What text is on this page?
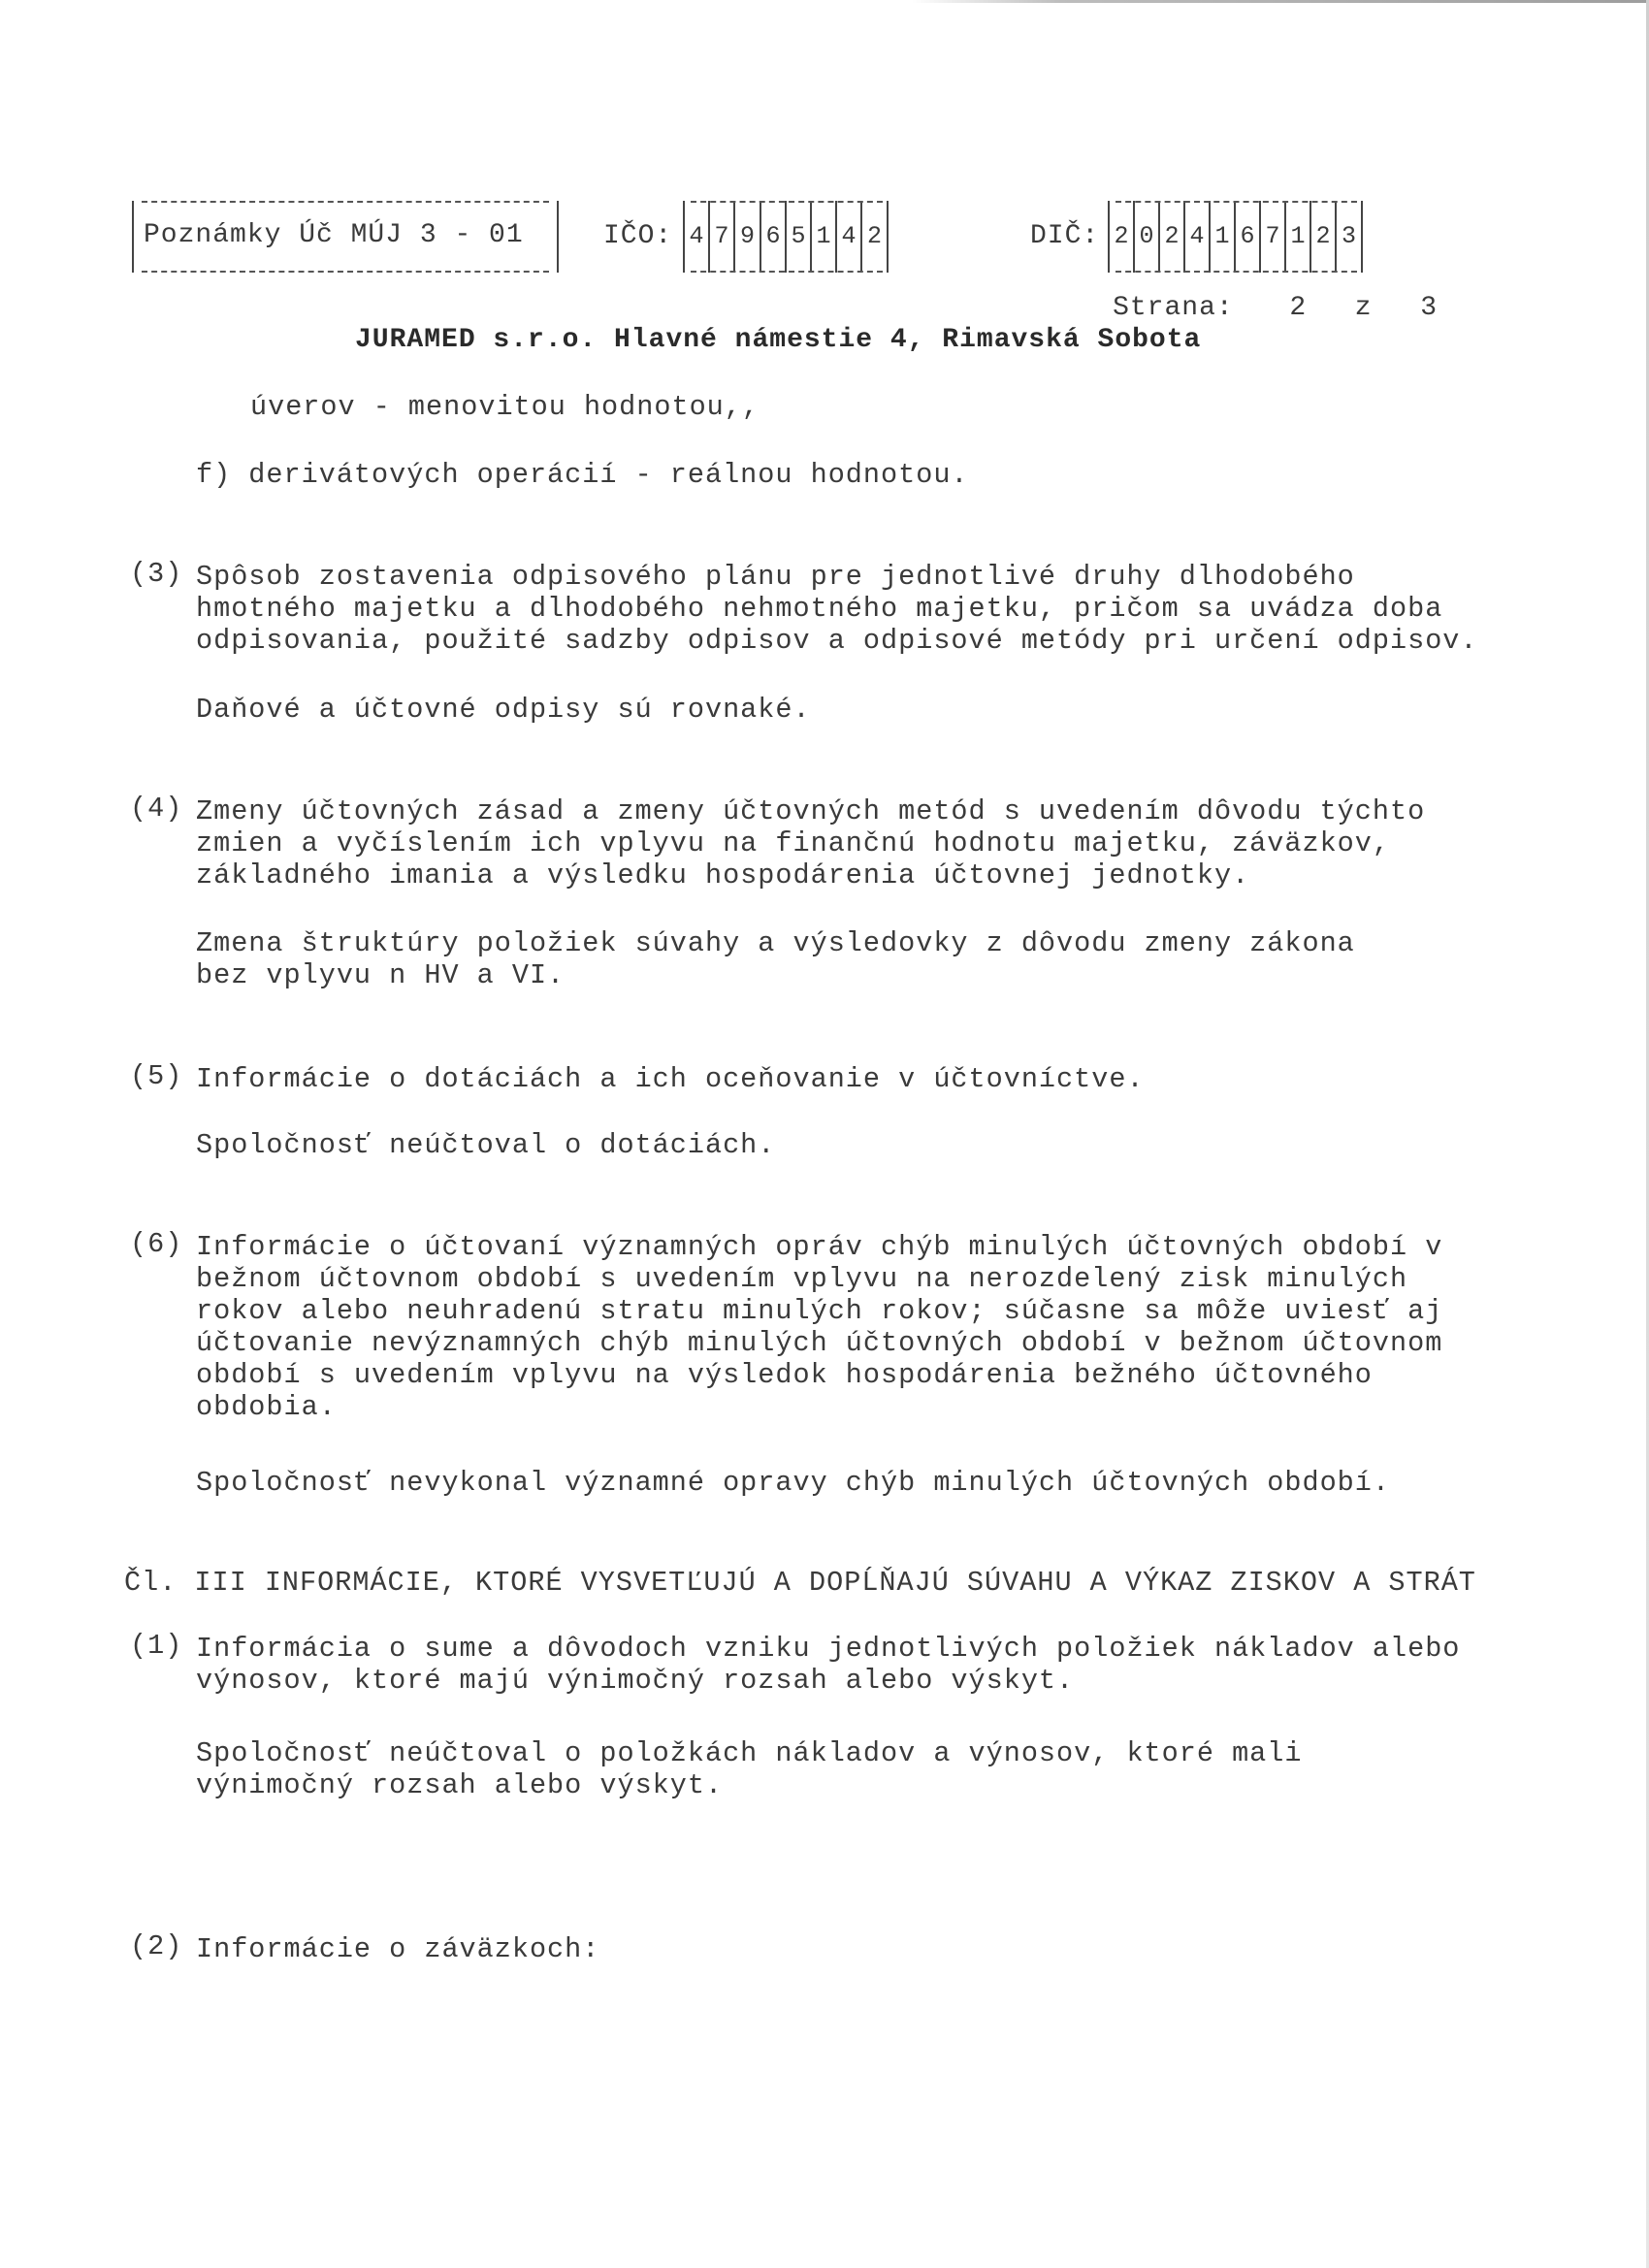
Poznámky Úč MÚJ 3 - 01	IČO: 4 7 9 6 5 1 4 2	DIČ: 2 0 2 4 1 6 7 1 2 3
Strana: 2 z 3
JURAMED s.r.o. Hlavné námestie 4, Rimavská Sobota
úverov - menovitou hodnotou,,
f) derivátových operácií - reálnou hodnotou.
(3) Spôsob zostavenia odpisového plánu pre jednotlivé druhy dlhodobého
hmotného majetku a dlhodobého nehmotného majetku, pričom sa uvádza doba
odpisovania, použité sadzby odpisov a odpisové metódy pri určení odpisov.
Daňové a účtovné odpisy sú rovnaké.
(4) Zmeny účtovných zásad a zmeny účtovných metód s uvedením dôvodu týchto
zmien a vyčíslením ich vplyvu na finančnú hodnotu majetku, záväzkov,
základného imania a výsledku hospodárenia účtovnej jednotky.
Zmena štruktúry položiek súvahy a výsledovky z dôvodu zmeny zákona
bez vplyvu n HV a VI.
(5) Informácie o dotáciách a ich oceňovanie v účtovníctve.
Spoločnosť neúčtoval o dotáciách.
(6) Informácie o účtovaní významných opráv chýb minulých účtovných období v
bežnom účtovnom období s uvedením vplyvu na nerozdelený zisk minulých
rokov alebo neuhradenú stratu minulých rokov; súčasne sa môže uviesť aj
účtovanie nevýznamných chýb minulých účtovných období v bežnom účtovnom
období s uvedením vplyvu na výsledok hospodárenia bežného účtovného
obdobia.
Spoločnosť nevykonal významné opravy chýb minulých účtovných období.
Čl. III INFORMÁCIE, KTORÉ VYSVETĽUJÚ A DOPĹŇAJÚ SÚVAHU A VÝKAZ ZISKOV A STRÁT
(1) Informácia o sume a dôvodoch vzniku jednotlivých položiek nákladov alebo
výnosov, ktoré majú výnimočný rozsah alebo výskyt.
Spoločnosť neúčtoval o položkách nákladov a výnosov, ktoré mali
výnimočný rozsah alebo výskyt.
(2) Informácie o záväzkoch:
